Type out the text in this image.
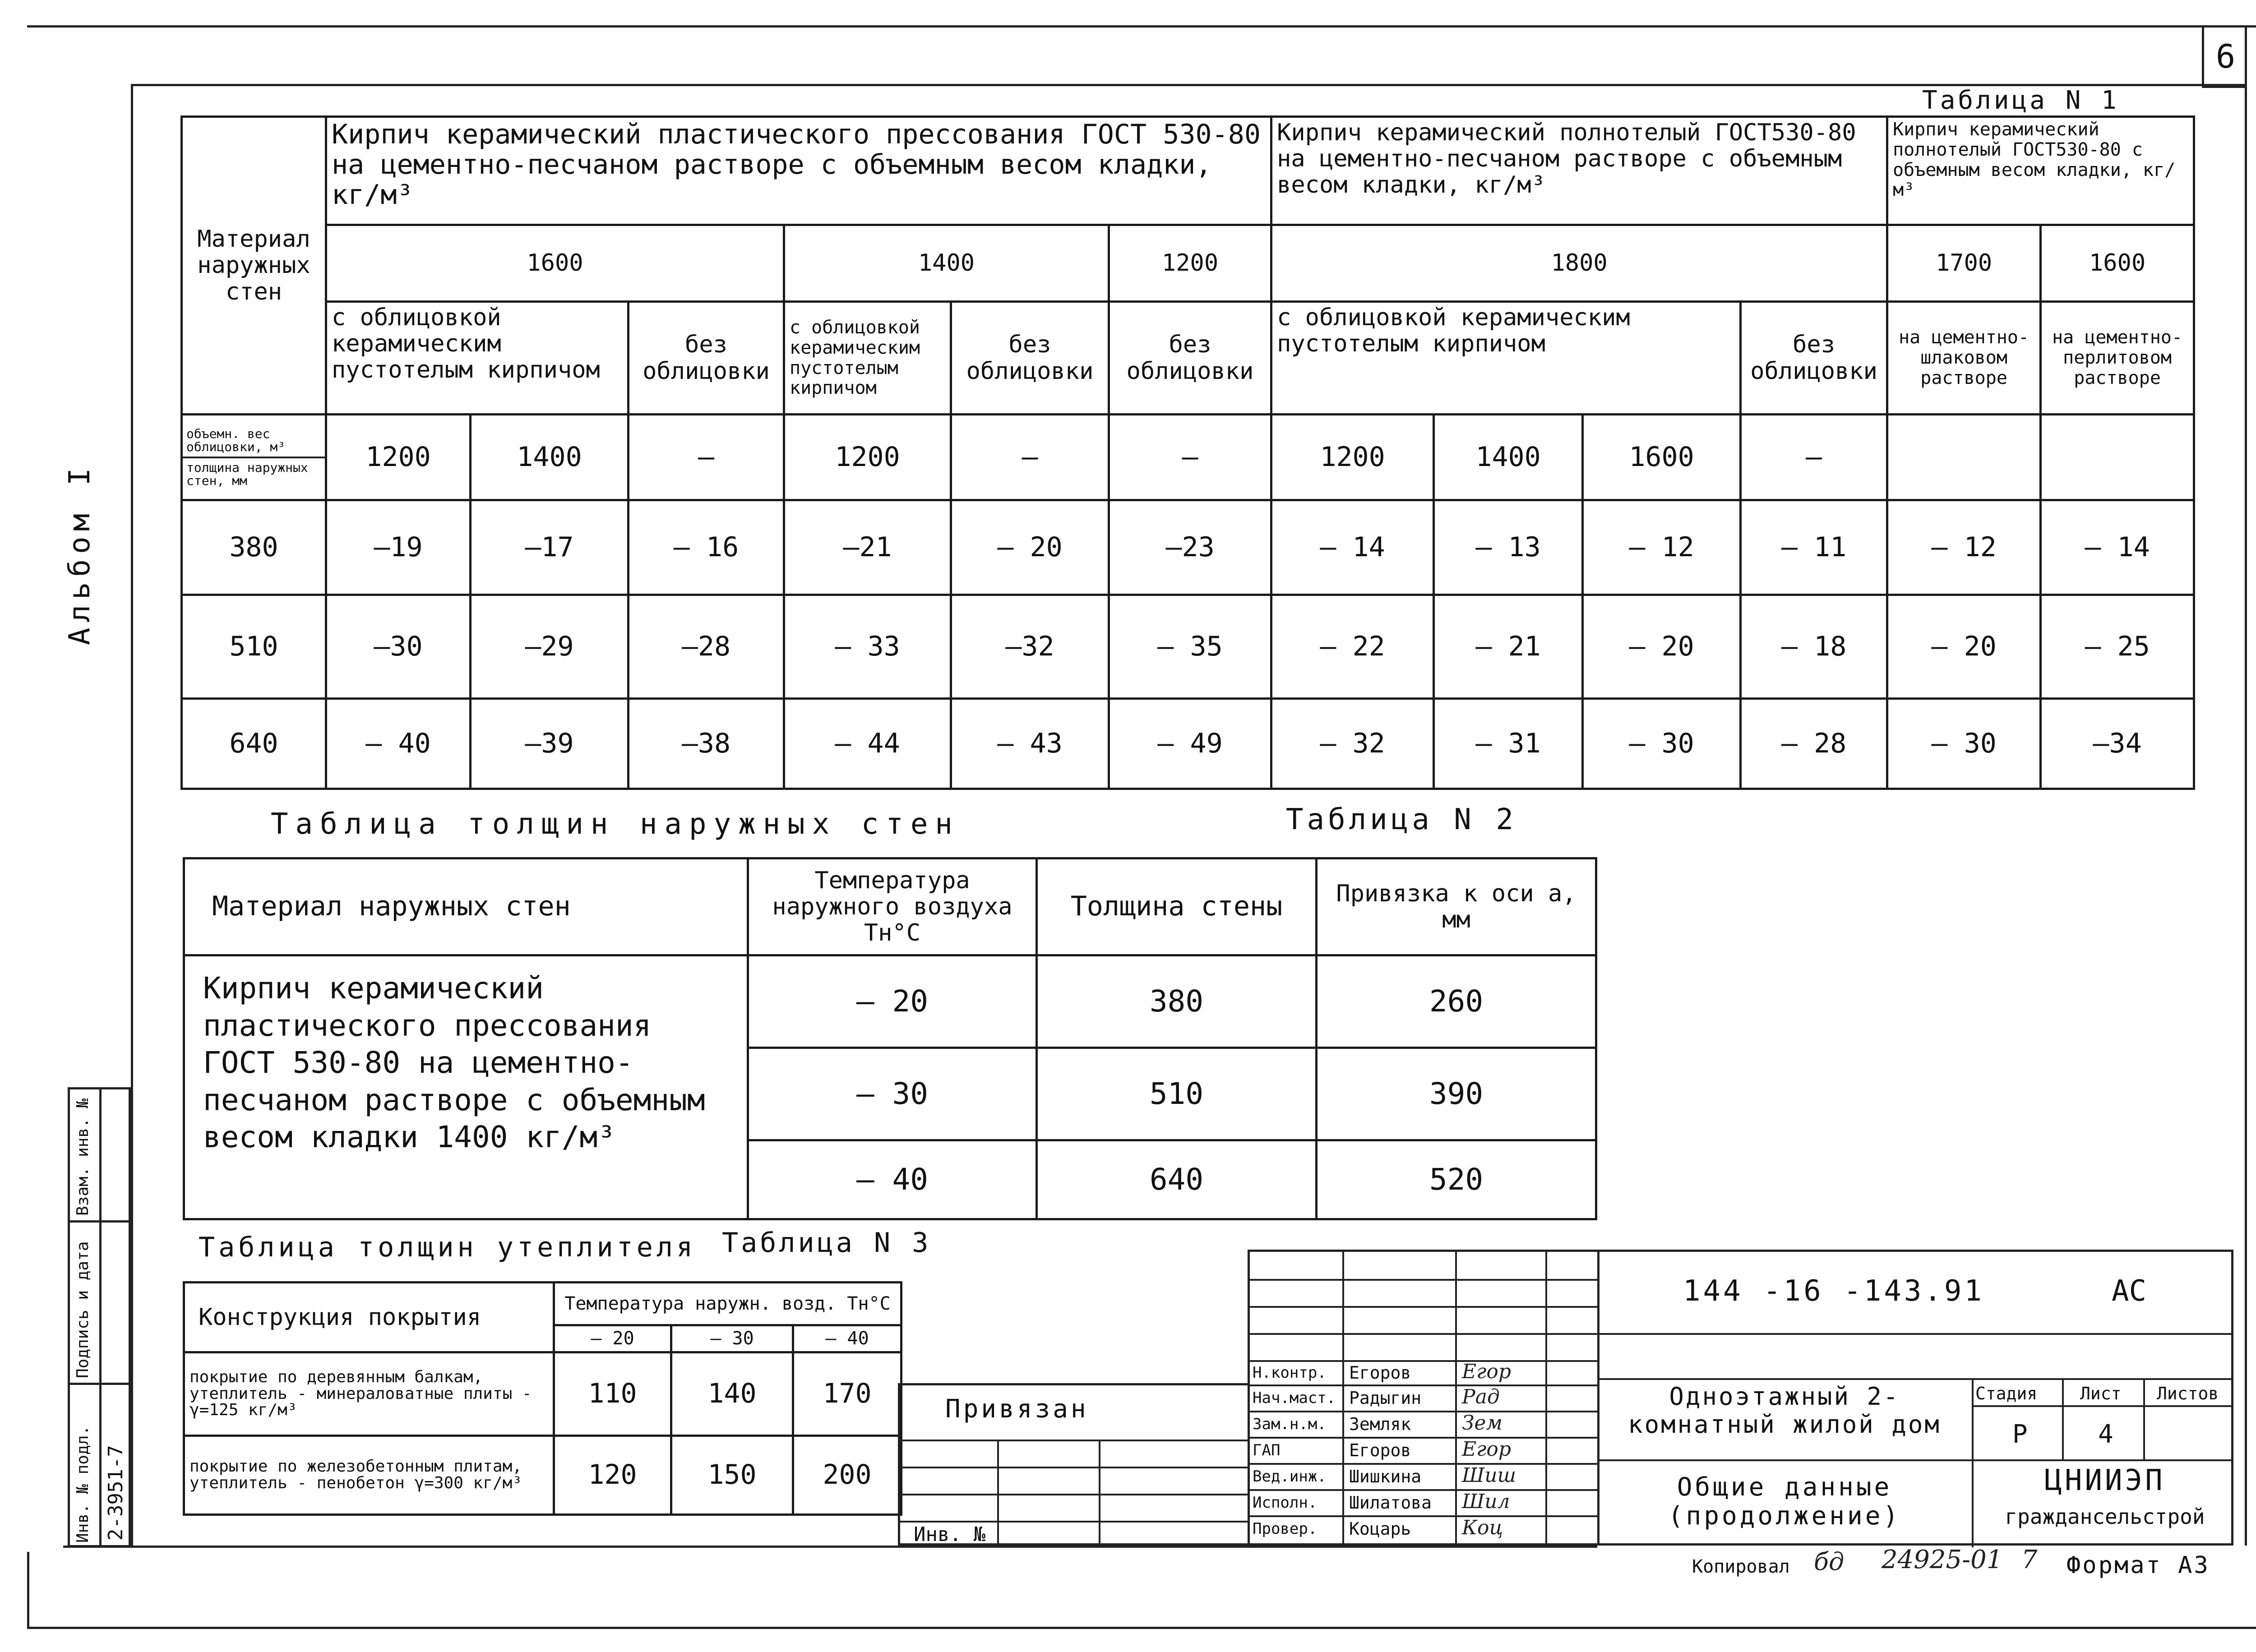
6
Альбом I
Таблица N 1
Материал наружных стен	Кирпич керамический пластического прессования ГОСТ 530-80 на цементно-песчаном растворе с объемным весом кладки, кг/м³						Кирпич керамический полнотелый ГОСТ530-80 на цементно-песчаном растворе с объемным весом кладки, кг/м³				Кирпич керамический полнотелый ГОСТ530-80 с объемным весом кладки, кг/м³	
	1600			1400		1200	1800				1700	1600
	с облицовкой керамическим пустотелым кирпичом		без облицовки	с облицовкой керамическим пустотелым кирпичом	без облицовки	без облицовки	с облицовкой керамическим пустотелым кирпичом			без облицовки	на цементно-шлаковом растворе	на цементно-перлитовом растворе

объемн. вес облицовки, м³
толщина наружных стен, мм	1200	1400	—	1200	—	—	1200	1400	1600	—		
380	—19	—17	— 16	—21	— 20	—23	— 14	— 13	— 12	— 11	— 12	— 14
510	—30	—29	—28	— 33	—32	— 35	— 22	— 21	— 20	— 18	— 20	— 25
640	— 40	—39	—38	— 44	— 43	— 49	— 32	— 31	— 30	— 28	— 30	—34
Таблица толщин наружных стен	Таблица N 2
Материал наружных стен	Температура наружного воздуха Тн°С	Толщина стены	Привязка к оси а, мм
Кирпич керамический пластического прессования ГОСТ 530-80 на цементно-песчаном растворе с объемным весом кладки 1400 кг/м³	– 20	380	260
	– 30	510	390
	– 40	640	520
Таблица толщин утеплителя Таблица N 3
Конструкция покрытия	Температура наружн. возд. Тн°С		
	– 20	– 30	– 40
покрытие по деревянным балкам, утеплитель - минераловатные плиты - γ=125 кг/м³	110	140	170
покрытие по железобетонным плитам, утеплитель - пенобетон γ=300 кг/м³	120	150	200
Взам. инв. №
Подпись и дата
Инв. № подл. 2-3951-7
Привязан
Инв. №
Н.контр. Егоров	Егор
Нач.маст. Радыгин Рад
Зам.н.м. Земляк	Зем
ГАП	Егоров	Егор
Вед.инж. Шишкина Шиш
Исполн. Шилатова Шил
Провер. Коцарь	Коц
144 -16 -143.91	АС
Одноэтажный 2-комнатный жилой дом
Общие данные (продолжение)
Стадия Лист Листов
Р	4
ЦНИИЭП
граждансельстрой
Копировал бд 24925-01 7 Формат А3
